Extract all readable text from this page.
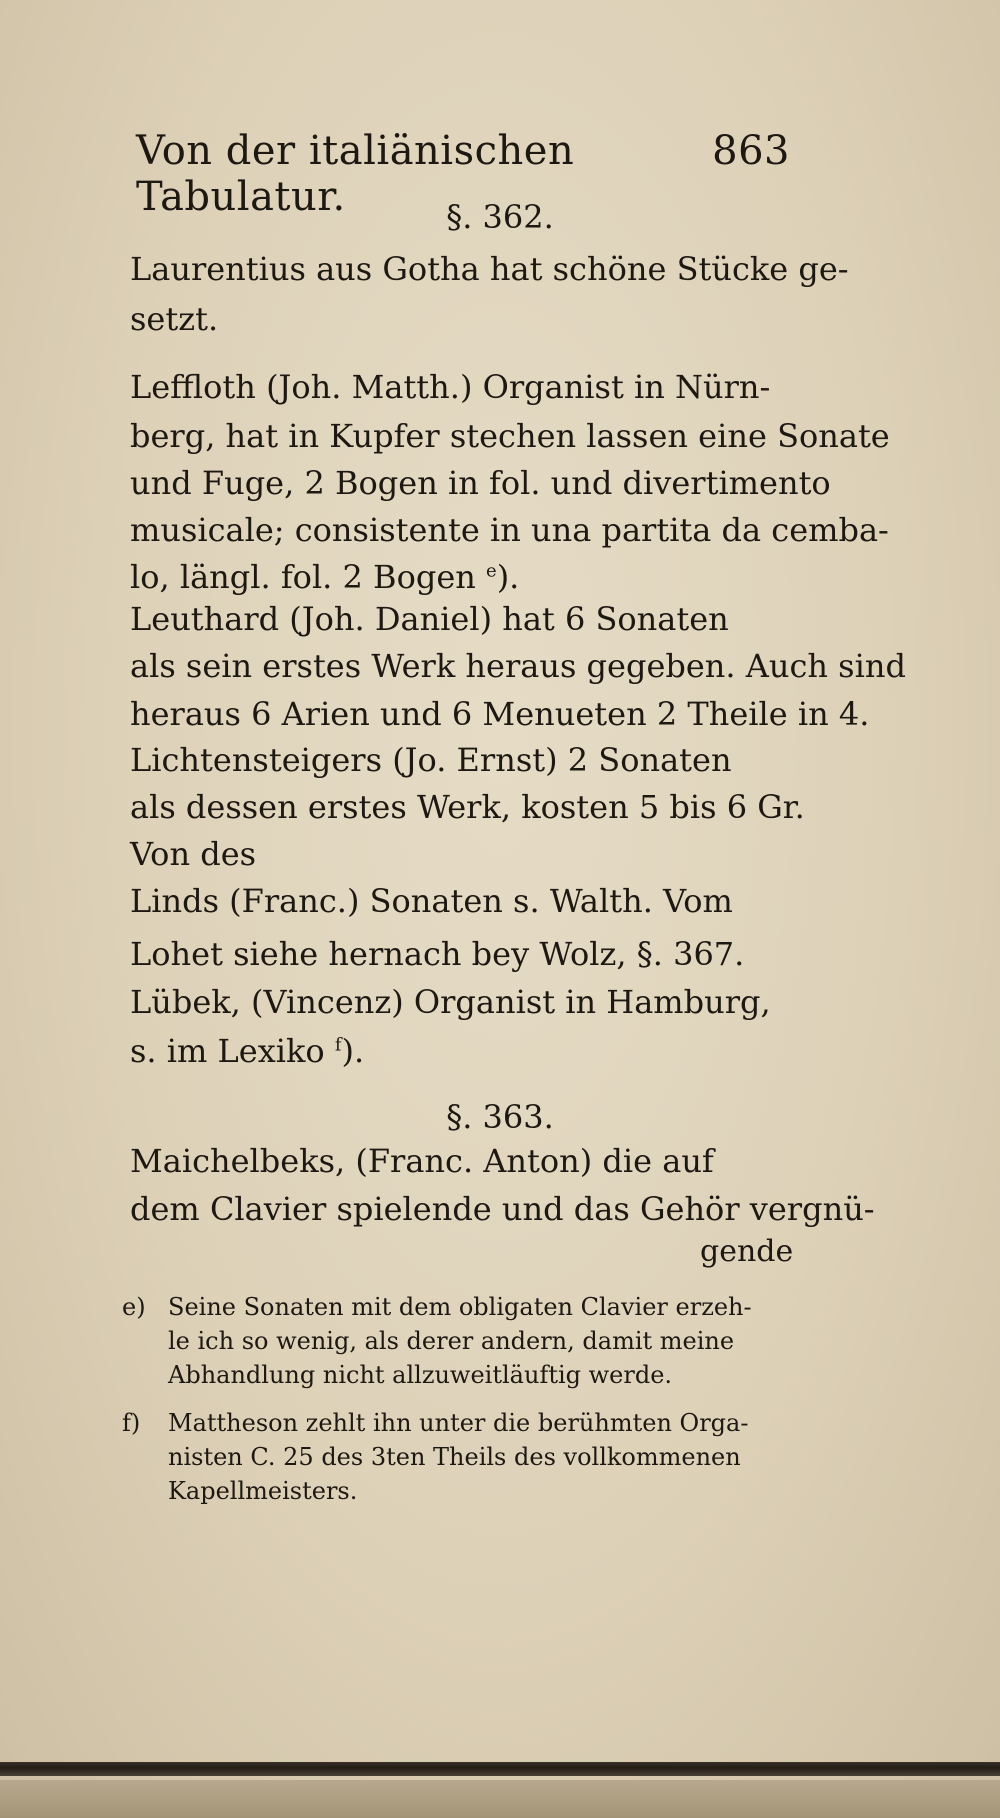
Von der italiänischen Tabulatur.
863
§. 362.
Laurentius aus Gotha hat schöne Stücke ge-
setzt.
Leffloth (Joh. Matth.) Organist in Nürn-
berg, hat in Kupfer stechen lassen eine Sonate
und Fuge, 2 Bogen in fol. und divertimento
musicale; consistente in una partita da cemba-
lo, längl. fol. 2 Bogen $^e$).
Leuthard (Joh. Daniel) hat 6 Sonaten
als sein erstes Werk heraus gegeben. Auch sind
heraus 6 Arien und 6 Menueten 2 Theile in 4.
Lichtensteigers (Jo. Ernst) 2 Sonaten
als dessen erstes Werk, kosten 5 bis 6 Gr.
Von des
Linds (Franc.) Sonaten s. Walth. Vom
Lohet siehe hernach bey Wolz, §. 367.
Lübek, (Vincenz) Organist in Hamburg,
s. im Lexiko $^f$).
§. 363.
Maichelbeks, (Franc. Anton) die auf
dem Clavier spielende und das Gehör vergnü-
gende
e) Seine Sonaten mit dem obligaten Clavier erzeh-
le ich so wenig, als derer andern, damit meine
Abhandlung nicht allzuweitläuftig werde.
f) Mattheson zehlt ihn unter die berühmten Orga-
nisten C. 25 des 3ten Theils des vollkommenen
Kapellmeisters.
